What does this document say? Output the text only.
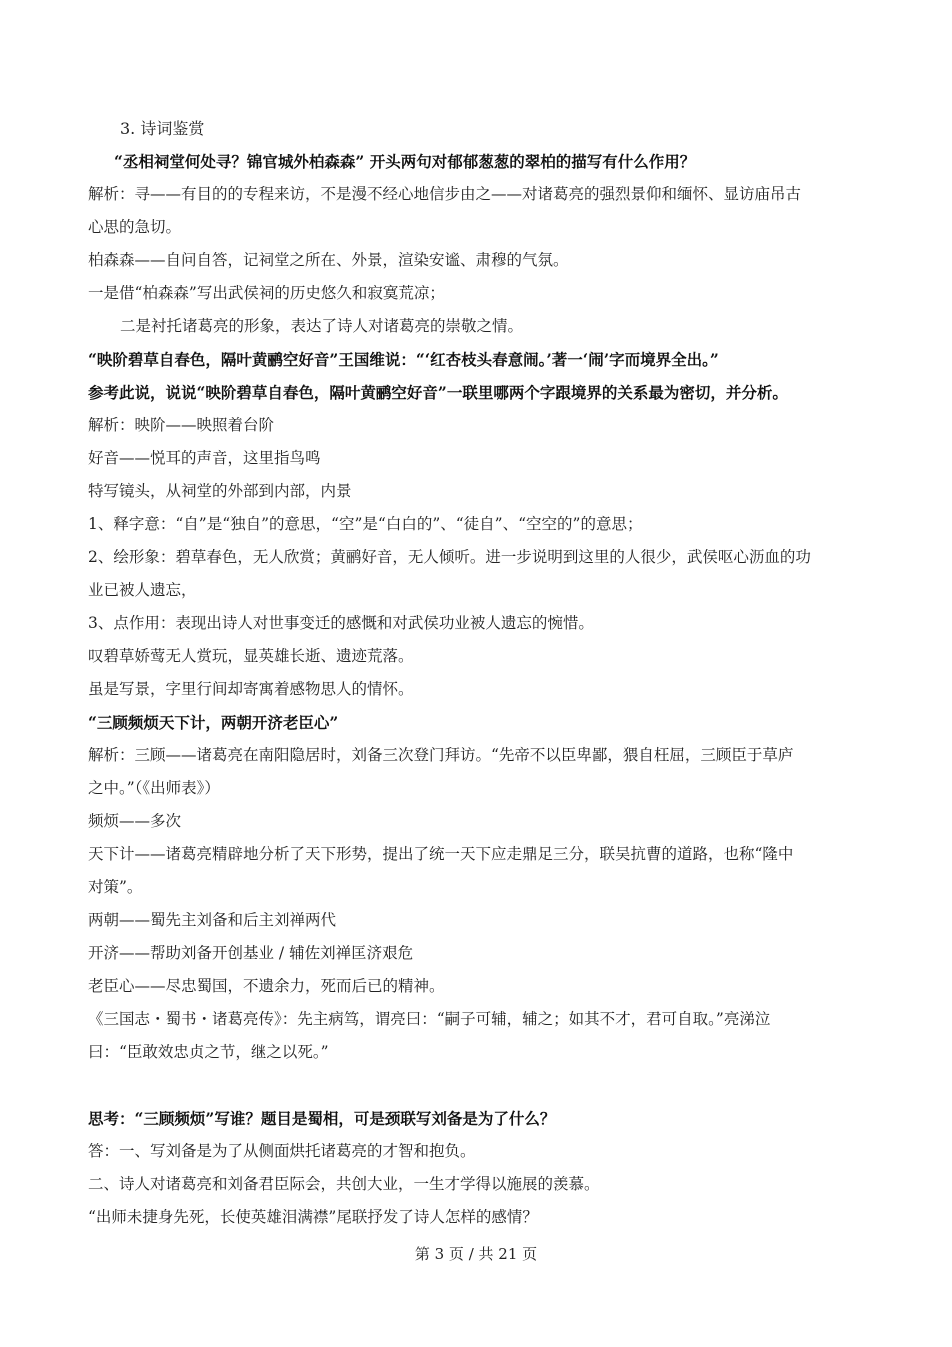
3. 诗词鉴赏

“丞相祠堂何处寻？锦官城外柏森森” 开头两句对郁郁葱葱的翠柏的描写有什么作用？

解析：寻——有目的的专程来访，不是漫不经心地信步由之——对诸葛亮的强烈景仰和缅怀、显访庙吊古

心思的急切。

柏森森——自问自答，记祠堂之所在、外景，渲染安谧、肃穆的气氛。

一是借“柏森森”写出武侯祠的历史悠久和寂寞荒凉；

二是衬托诸葛亮的形象，表达了诗人对诸葛亮的崇敬之情。

“映阶碧草自春色，隔叶黄鹂空好音”王国维说：“‘红杏枝头春意闹。’著一‘闹’字而境界全出。”

参考此说，说说“映阶碧草自春色，隔叶黄鹂空好音”一联里哪两个字跟境界的关系最为密切，并分析。

解析：映阶——映照着台阶

好音——悦耳的声音，这里指鸟鸣

特写镜头，从祠堂的外部到内部，内景

1、释字意：“自”是“独自”的意思，“空”是“白白的”、“徒自”、“空空的”的意思；

2、绘形象：碧草春色，无人欣赏；黄鹂好音，无人倾听。进一步说明到这里的人很少，武侯呕心沥血的功

业已被人遗忘，

3、点作用：表现出诗人对世事变迁的感慨和对武侯功业被人遗忘的惋惜。

叹碧草娇莺无人赏玩，显英雄长逝、遗迹荒落。

虽是写景，字里行间却寄寓着感物思人的情怀。

“三顾频烦天下计，两朝开济老臣心”

解析：三顾——诸葛亮在南阳隐居时，刘备三次登门拜访。“先帝不以臣卑鄙，猥自枉屈，三顾臣于草庐

之中。”（《出师表》）

频烦——多次

天下计——诸葛亮精辟地分析了天下形势，提出了统一天下应走鼎足三分，联吴抗曹的道路，也称“隆中

对策”。

两朝——蜀先主刘备和后主刘禅两代

开济——帮助刘备开创基业 / 辅佐刘禅匡济艰危

老臣心——尽忠蜀国，不遗余力，死而后已的精神。

《三国志・蜀书・诸葛亮传》：先主病笃，谓亮曰：“嗣子可辅，辅之；如其不才，君可自取。”亮涕泣

曰：“臣敢效忠贞之节，继之以死。”

思考：“三顾频烦”写谁？题目是蜀相，可是颈联写刘备是为了什么？

答：一、写刘备是为了从侧面烘托诸葛亮的才智和抱负。

二、诗人对诸葛亮和刘备君臣际会，共创大业，一生才学得以施展的羡慕。

“出师未捷身先死，长使英雄泪满襟”尾联抒发了诗人怎样的感情？

第 3 页 / 共 21 页
